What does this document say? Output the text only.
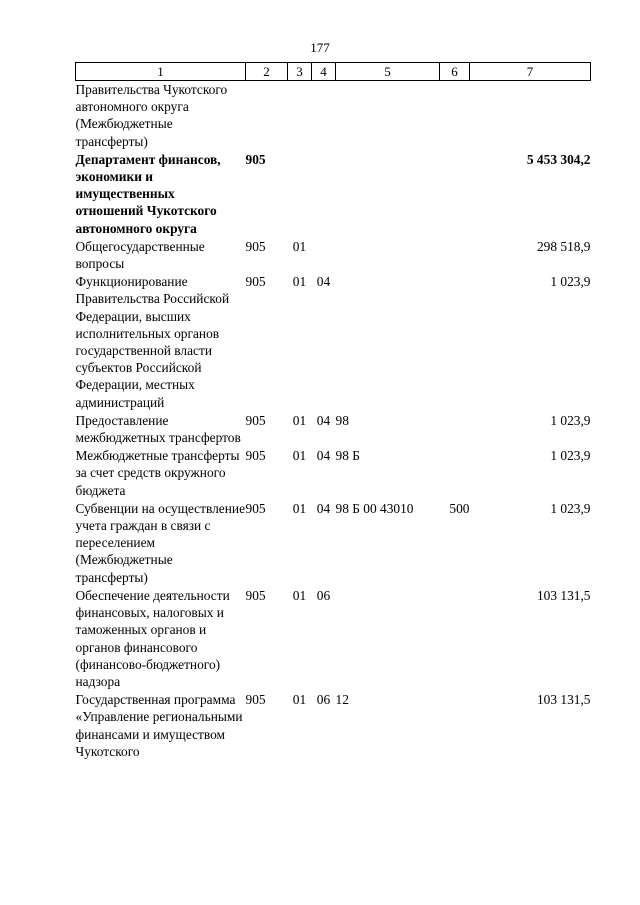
177
1	2	3	4	5	6	7
Правительства Чукотского автономного округа (Межбюджетные трансферты)						
Департамент финансов, экономики и имущественных отношений Чукотского автономного округа	905					5 453 304,2
Общегосударственные вопросы	905	01				298 518,9
Функционирование Правительства Российской Федерации, высших исполнительных органов государственной власти субъектов Российской Федерации, местных администраций	905	01	04			1 023,9
Предоставление межбюджетных трансфертов	905	01	04	98		1 023,9
Межбюджетные трансферты за счет средств окружного бюджета	905	01	04	98 Б		1 023,9
Субвенции на осуществление учета граждан в связи с переселением (Межбюджетные трансферты)	905	01	04	98 Б 00 43010	500	1 023,9
Обеспечение деятельности финансовых, налоговых и таможенных органов и органов финансового (финансово-бюджетного) надзора	905	01	06			103 131,5
Государственная программа «Управление региональными финансами и имуществом Чукотского	905	01	06	12		103 131,5
